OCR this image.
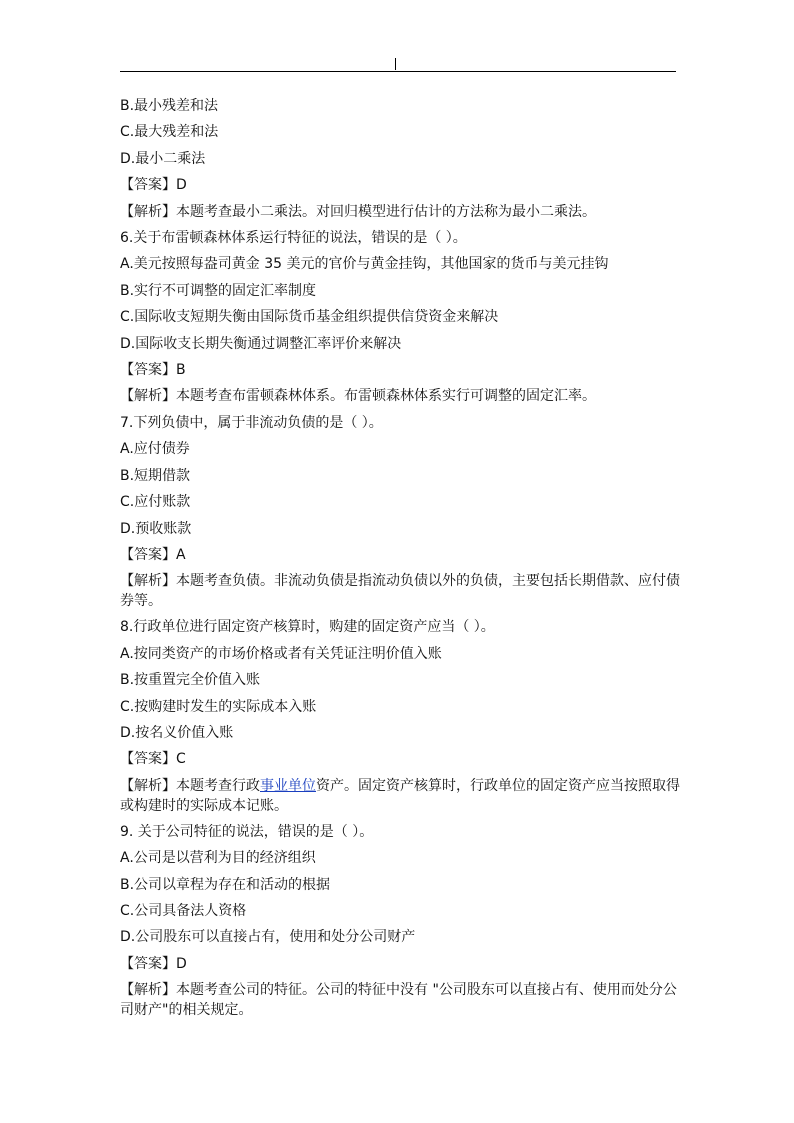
B.最小残差和法

C.最大残差和法

D.最小二乘法

【答案】D

【解析】本题考查最小二乘法。对回归模型进行估计的方法称为最小二乘法。

6.关于布雷顿森林体系运行特征的说法，错误的是（ ）。

A.美元按照每盎司黄金 35 美元的官价与黄金挂钩，其他国家的货币与美元挂钩

B.实行不可调整的固定汇率制度

C.国际收支短期失衡由国际货币基金组织提供信贷资金来解决

D.国际收支长期失衡通过调整汇率评价来解决

【答案】B

【解析】本题考查布雷顿森林体系。布雷顿森林体系实行可调整的固定汇率。

7.下列负债中，属于非流动负债的是（ ）。

A.应付债券

B.短期借款

C.应付账款

D.预收账款

【答案】A

【解析】本题考查负债。非流动负债是指流动负债以外的负债，主要包括长期借款、应付债券等。

8.行政单位进行固定资产核算时，购建的固定资产应当（ ）。

A.按同类资产的市场价格或者有关凭证注明价值入账

B.按重置完全价值入账

C.按购建时发生的实际成本入账

D.按名义价值入账

【答案】C

【解析】本题考查行政事业单位资产。固定资产核算时，行政单位的固定资产应当按照取得或构建时的实际成本记账。

9. 关于公司特征的说法，错误的是（ ）。

A.公司是以营利为目的经济组织

B.公司以章程为存在和活动的根据

C.公司具备法人资格

D.公司股东可以直接占有，使用和处分公司财产

【答案】D

【解析】本题考查公司的特征。公司的特征中没有 "公司股东可以直接占有、使用而处分公司财产"的相关规定。
